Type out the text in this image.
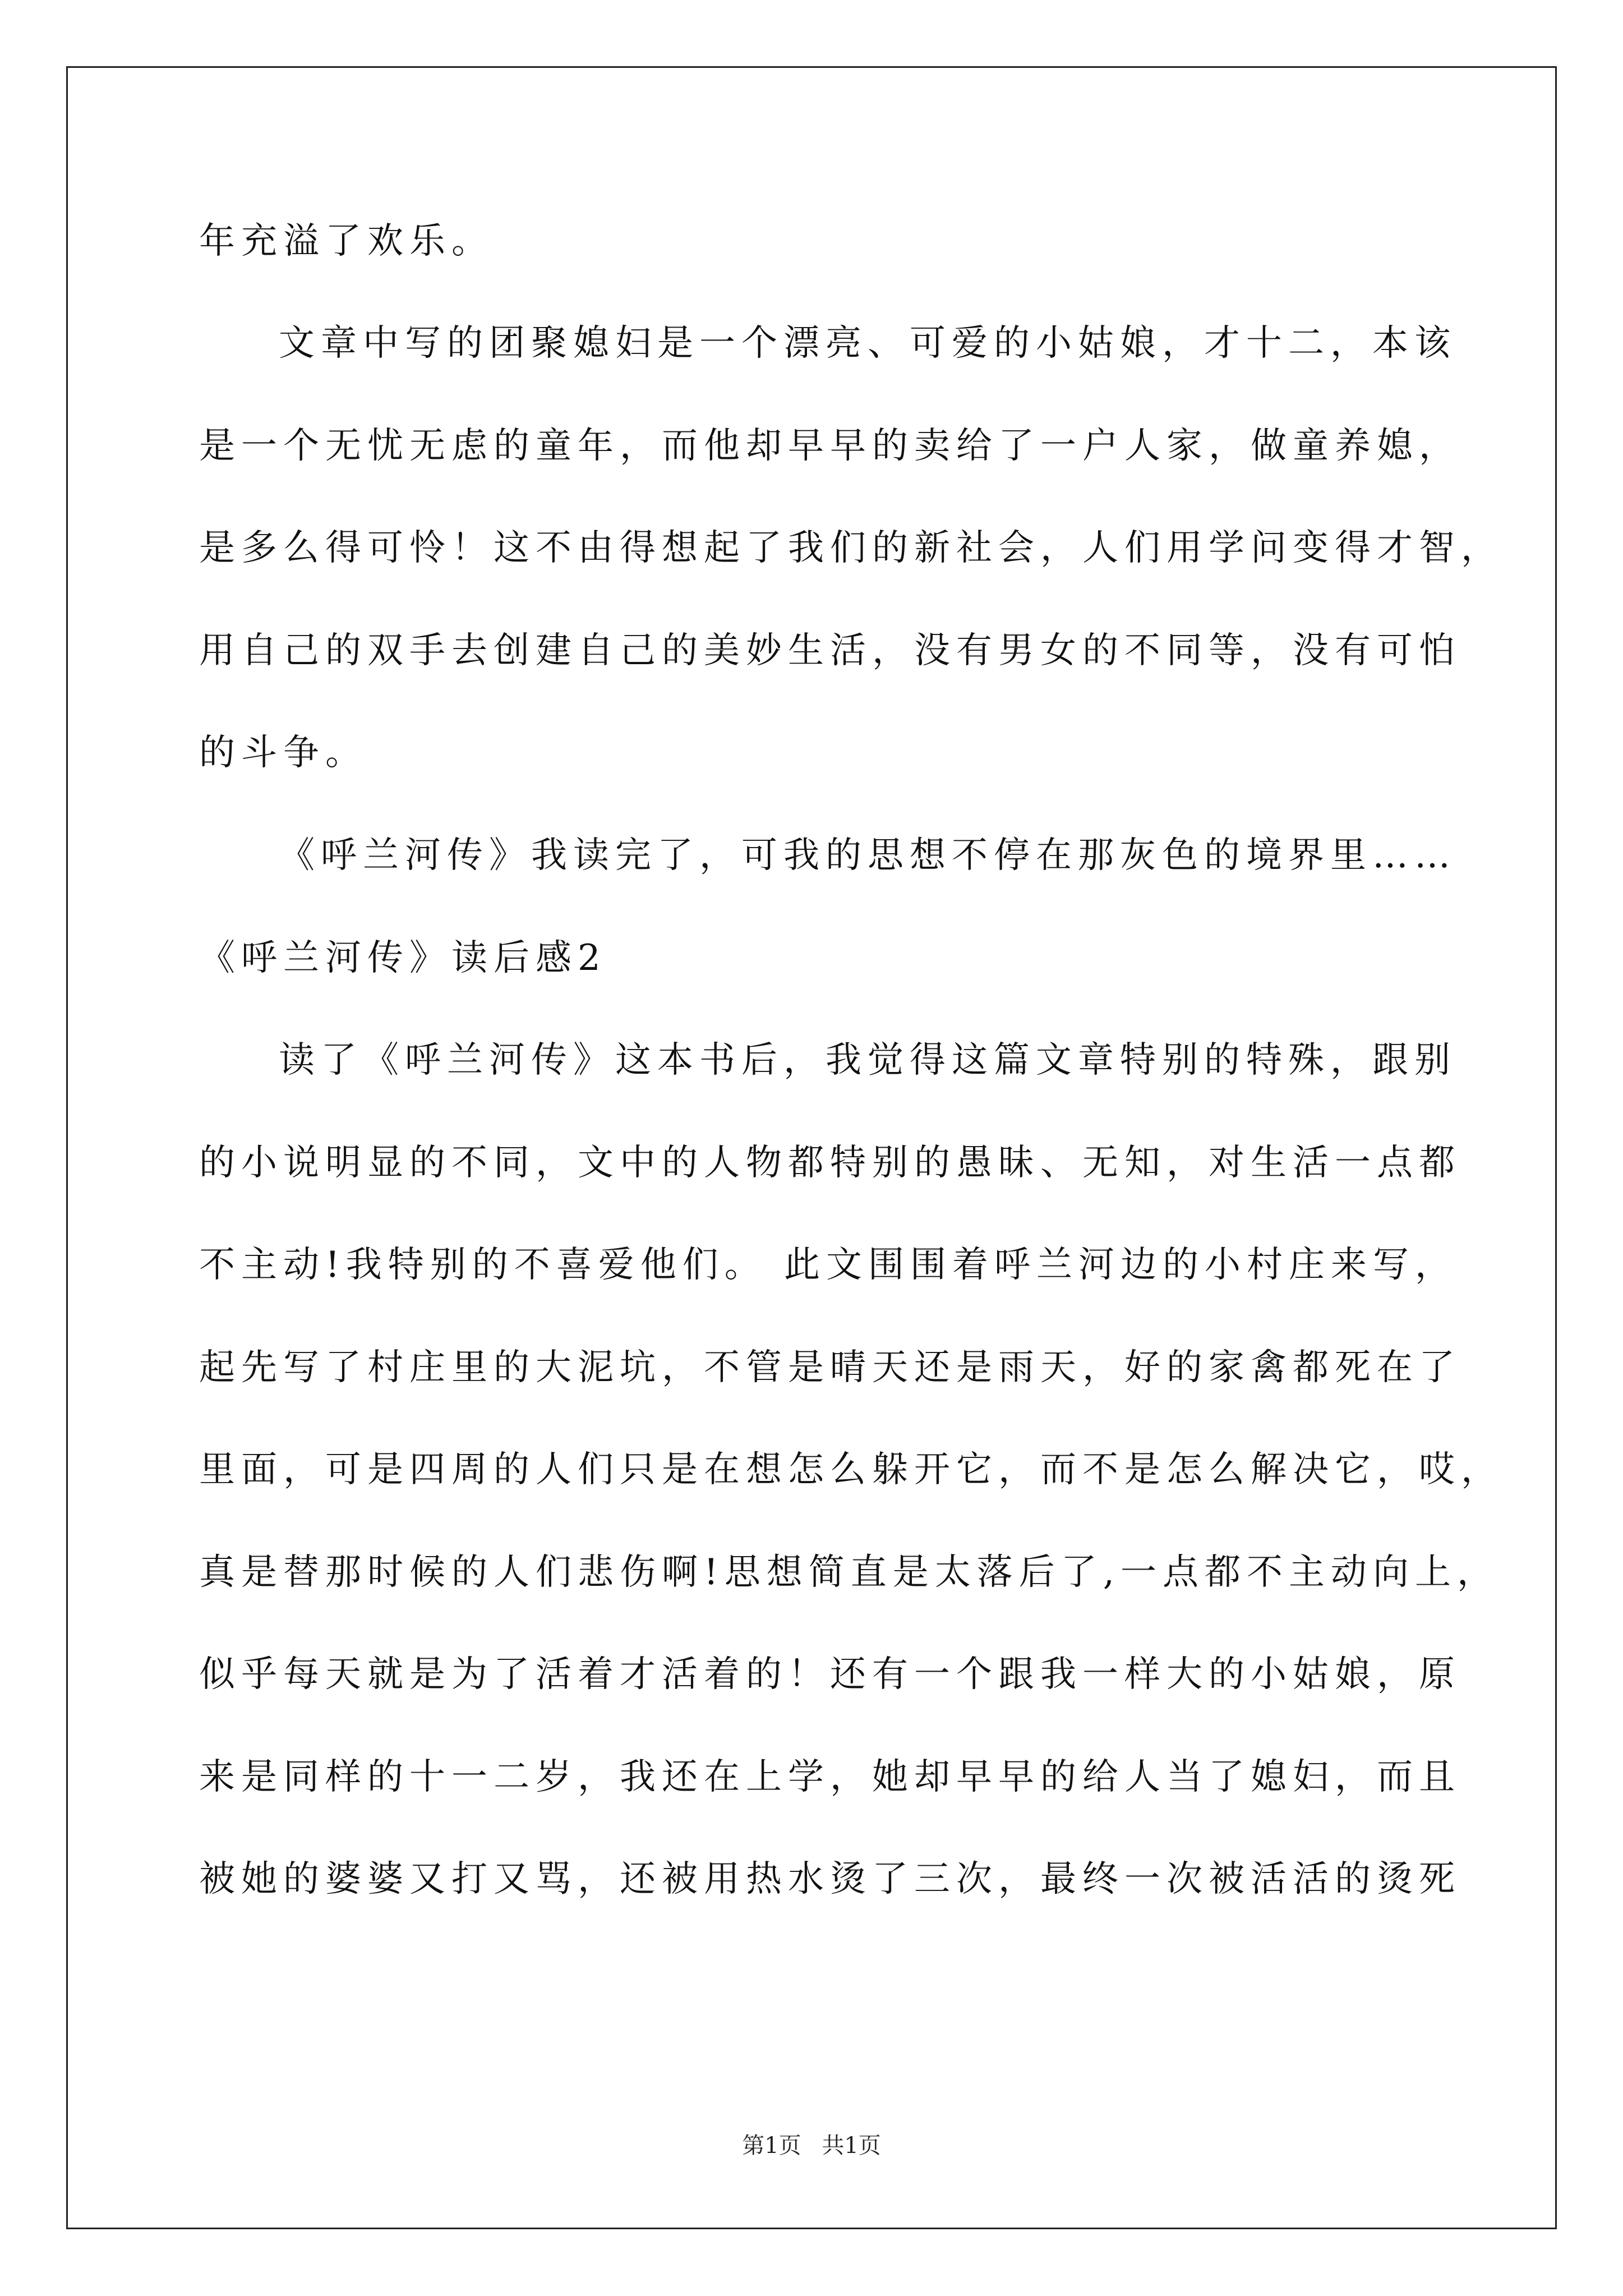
年充溢了欢乐。
文章中写的团聚媳妇是一个漂亮、可爱的小姑娘，才十二，本该
是一个无忧无虑的童年，而他却早早的卖给了一户人家，做童养媳，
是多么得可怜！这不由得想起了我们的新社会，人们用学问变得才智，
用自己的双手去创建自己的美妙生活，没有男女的不同等，没有可怕
的斗争。
《呼兰河传》我读完了，可我的思想不停在那灰色的境界里……
《呼兰河传》读后感2
读了《呼兰河传》这本书后，我觉得这篇文章特别的特殊，跟别
的小说明显的不同，文中的人物都特别的愚昧、无知，对生活一点都
不主动!我特别的不喜爱他们。 此文围围着呼兰河边的小村庄来写，
起先写了村庄里的大泥坑，不管是晴天还是雨天，好的家禽都死在了
里面，可是四周的人们只是在想怎么躲开它，而不是怎么解决它，哎，
真是替那时候的人们悲伤啊!思想简直是太落后了,一点都不主动向上，
似乎每天就是为了活着才活着的！还有一个跟我一样大的小姑娘，原
来是同样的十一二岁，我还在上学，她却早早的给人当了媳妇，而且
被她的婆婆又打又骂，还被用热水烫了三次，最终一次被活活的烫死
第1页 共1页
